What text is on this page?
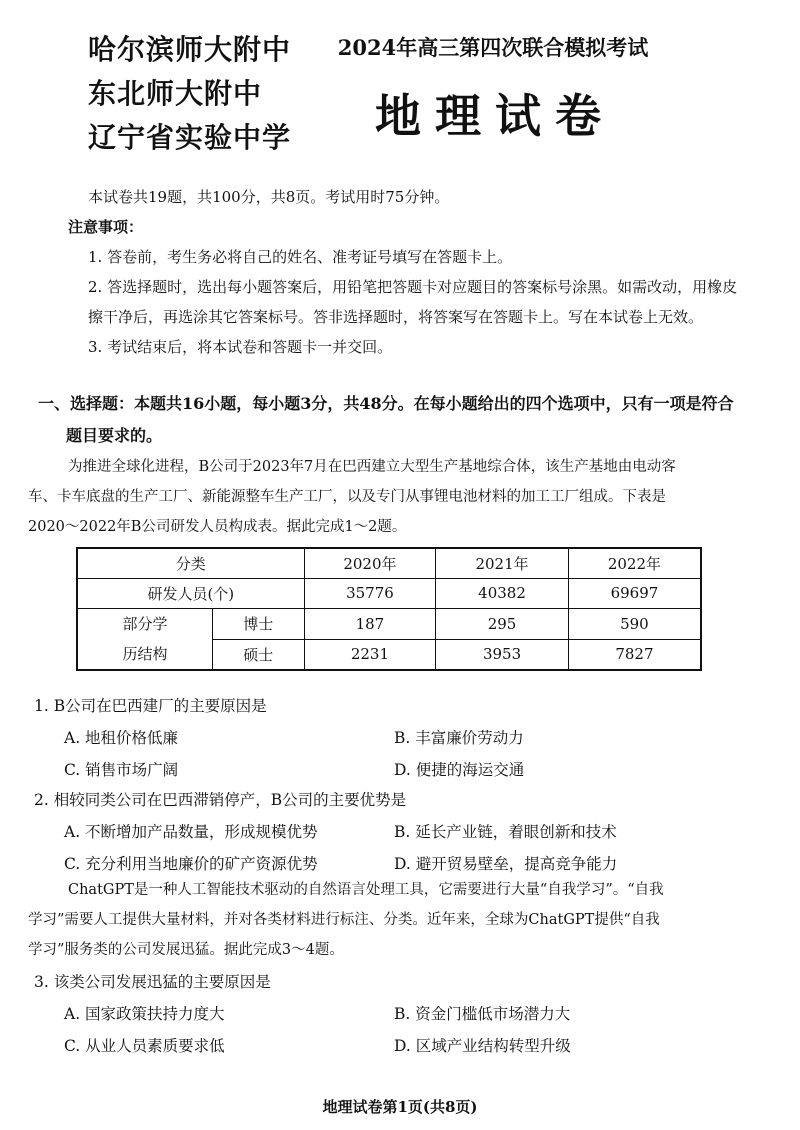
哈尔滨师大附中
东北师大附中
辽宁省实验中学
2024年高三第四次联合模拟考试
地理试卷

本试卷共19题，共100分，共8页。考试用时75分钟。

注意事项：

1. 答卷前，考生务必将自己的姓名、准考证号填写在答题卡上。

2. 答选择题时，选出每小题答案后，用铅笔把答题卡对应题目的答案标号涂黑。如需改动，用橡皮擦干净后，再选涂其它答案标号。答非选择题时，将答案写在答题卡上。写在本试卷上无效。

3. 考试结束后，将本试卷和答题卡一并交回。

一、选择题：本题共16小题，每小题3分，共48分。在每小题给出的四个选项中，只有一项是符合

题目要求的。

为推进全球化进程，B公司于2023年7月在巴西建立大型生产基地综合体，该生产基地由电动客

车、卡车底盘的生产工厂、新能源整车生产工厂，以及专门从事锂电池材料的加工工厂组成。下表是

2020～2022年B公司研发人员构成表。据此完成1～2题。

分类		2020年	2021年	2022年
研发人员(个)		35776	40382	69697

部分学
历结构	博士	187	295	590
	硕士	2231	3953	7827

1. B公司在巴西建厂的主要原因是

A. 地租价格低廉	B. 丰富廉价劳动力
C. 销售市场广阔	D. 便捷的海运交通

2. 相较同类公司在巴西滞销停产，B公司的主要优势是

A. 不断增加产品数量，形成规模优势	B. 延长产业链，着眼创新和技术
C. 充分利用当地廉价的矿产资源优势	D. 避开贸易壁垒，提高竞争能力

ChatGPT是一种人工智能技术驱动的自然语言处理工具，它需要进行大量“自我学习”。“自我

学习”需要人工提供大量材料，并对各类材料进行标注、分类。近年来，全球为ChatGPT提供“自我

学习”服务类的公司发展迅猛。据此完成3～4题。

3. 该类公司发展迅猛的主要原因是

A. 国家政策扶持力度大	B. 资金门槛低市场潜力大
C. 从业人员素质要求低	D. 区域产业结构转型升级
地理试卷第1页(共8页)
